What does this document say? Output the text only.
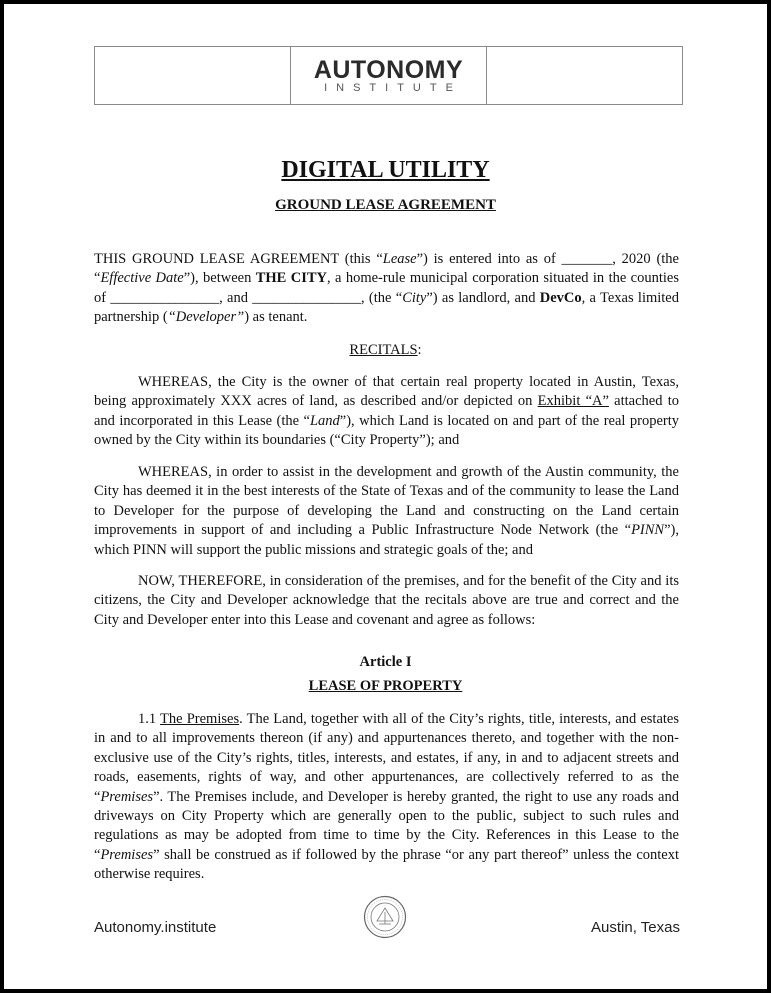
AUTONOMY
INSTITUTE
DIGITAL UTILITY
GROUND LEASE AGREEMENT

THIS GROUND LEASE AGREEMENT (this “Lease”) is entered into as of _______, 2020 (the “Effective Date”), between THE CITY, a home-rule municipal corporation situated in the counties of _______________, and _______________, (the “City”) as landlord, and DevCo, a Texas limited partnership (“Developer”) as tenant.

RECITALS:

WHEREAS, the City is the owner of that certain real property located in Austin, Texas, being approximately XXX acres of land, as described and/or depicted on Exhibit “A” attached to and incorporated in this Lease (the “Land”), which Land is located on and part of the real property owned by the City within its boundaries (“City Property”); and

WHEREAS, in order to assist in the development and growth of the Austin community, the City has deemed it in the best interests of the State of Texas and of the community to lease the Land to Developer for the purpose of developing the Land and constructing on the Land certain improvements in support of and including a Public Infrastructure Node Network (the “PINN”), which PINN will support the public missions and strategic goals of the; and

NOW, THEREFORE, in consideration of the premises, and for the benefit of the City and its citizens, the City and Developer acknowledge that the recitals above are true and correct and the City and Developer enter into this Lease and covenant and agree as follows:

Article I
LEASE OF PROPERTY

1.1 The Premises. The Land, together with all of the City’s rights, title, interests, and estates in and to all improvements thereon (if any) and appurtenances thereto, and together with the non-exclusive use of the City’s rights, titles, interests, and estates, if any, in and to adjacent streets and roads, easements, rights of way, and other appurtenances, are collectively referred to as the “Premises”. The Premises include, and Developer is hereby granted, the right to use any roads and driveways on City Property which are generally open to the public, subject to such rules and regulations as may be adopted from time to time by the City. References in this Lease to the “Premises” shall be construed as if followed by the phrase “or any part thereof” unless the context otherwise requires.

Autonomy.institute	Austin, Texas
